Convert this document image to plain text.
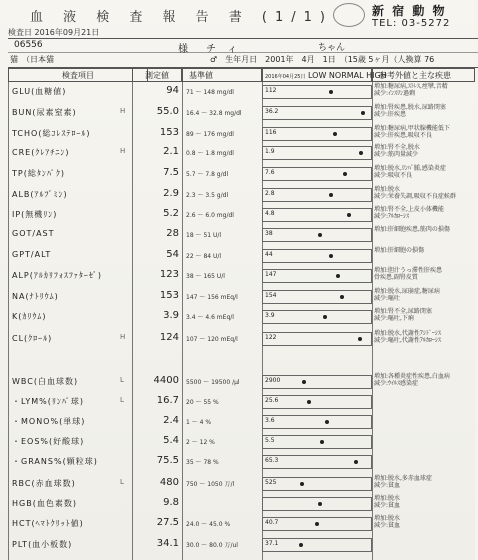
血 液 検 査 報 告 書 (1/1)	新 宿 動 物
TEL: 03-5272
検査日 2016年09月21日
06556
猫　（日本猫
様　チ ィ	ちゃん
♂　生年月日　2001年　4月　1日　（15歳 5ヶ月（人換算 76
検査項目	測定値	基準値	2016年04月25日 LOW NORMAL HIGH
参考外値と主な疾患
GLU(血糖値)	94 71 ～ 148 mg/dl	112
増加:糖尿病,ｽﾄﾚｽ,痙攣,音精
減少:ｲﾝｽﾘﾝ過剰
BUN(尿素窒素)	H	55.0 16.4 ～ 32.8 mg/dl	36.2
増加:腎疾患,脱水,尿路閉塞
減少:肝疾患
TCHO(総ｺﾚｽﾃﾛｰﾙ)	153 89 ～ 176 mg/dl	116
増加:糖尿病,甲状腺機能低下
減少:肝疾患,吸収不良
CRE(ｸﾚｱﾁﾆﾝ)	H	2.1 0.8 ～ 1.8 mg/dl	1.9
増加:腎不全,脱水
減少:筋肉量減少
TP(総ﾀﾝﾊﾟｸ)	7.5 5.7 ～ 7.8 g/dl	7.6
増加:脱水,ﾘﾝﾊﾟ腫,感染炎症
減少:吸収不良
ALB(ｱﾙﾌﾞﾐﾝ)	2.9 2.3 ～ 3.5 g/dl	2.8
増加:脱水
減少:栄養失調,吸収不良症候群
IP(無機ﾘﾝ)	5.2 2.6 ～ 6.0 mg/dl	4.8
増加:腎不全,上皮小体機能
減少:ｱﾙｶﾛｰｼｽ
GOT/AST	28 18 ～ 51 U/l	38
増加:肝細胞疾患,筋肉の損傷
GPT/ALT	54 22 ～ 84 U/l	44
増加:肝細胞の損傷
ALP(ｱﾙｶﾘﾌｫｽﾌｧﾀｰｾﾞ)	123 38 ～ 165 U/l	147
増加:胆汁うっ滞性肝疾患
骨疾患,副腎皮質
NA(ﾅﾄﾘｳﾑ)	153 147 ～ 156 mEq/l	154
増加:脱水,尿崩症,糖尿病
減少:嘔吐
K(ｶﾘｳﾑ)	3.9 3.4 ～ 4.6 mEq/l	3.9
増加:腎不全,尿路閉塞
減少:嘔吐,下痢
CL(ｸﾛｰﾙ)	H	124 107 ～ 120 mEq/l	122
増加:脱水,代謝性ｱｼﾄﾞｰｼｽ
減少:嘔吐,代謝性ｱﾙｶﾛｰｼｽ
WBC(白血球数)	L	4400 5500 ～ 19500 /μl	2900
増加:各種炎症性疾患,白血病
減少:ｳｲﾙｽ感染症
・LYM%(ﾘﾝﾊﾟ球)	L	16.7 20 ～ 55 %	25.6
・MONO%(単球)	2.4 1 ～ 4 %	3.6
・EOS%(好酸球)	5.4 2 ～ 12 %	5.5
・GRANS%(顆粒球)	75.5 35 ～ 78 %	65.3
RBC(赤血球数)	L	480 750 ～ 1050 万/l	525
増加:脱水,多赤血球症
減少:貧血
HGB(血色素数)	9.8	増加:脱水
減少:貧血
HCT(ﾍﾏﾄｸﾘｯﾄ値)	27.5 24.0 ～ 45.0 %	40.7
増加:脱水
減少:貧血
PLT(血小板数)	34.1 30.0 ～ 80.0 万/ul	37.1
